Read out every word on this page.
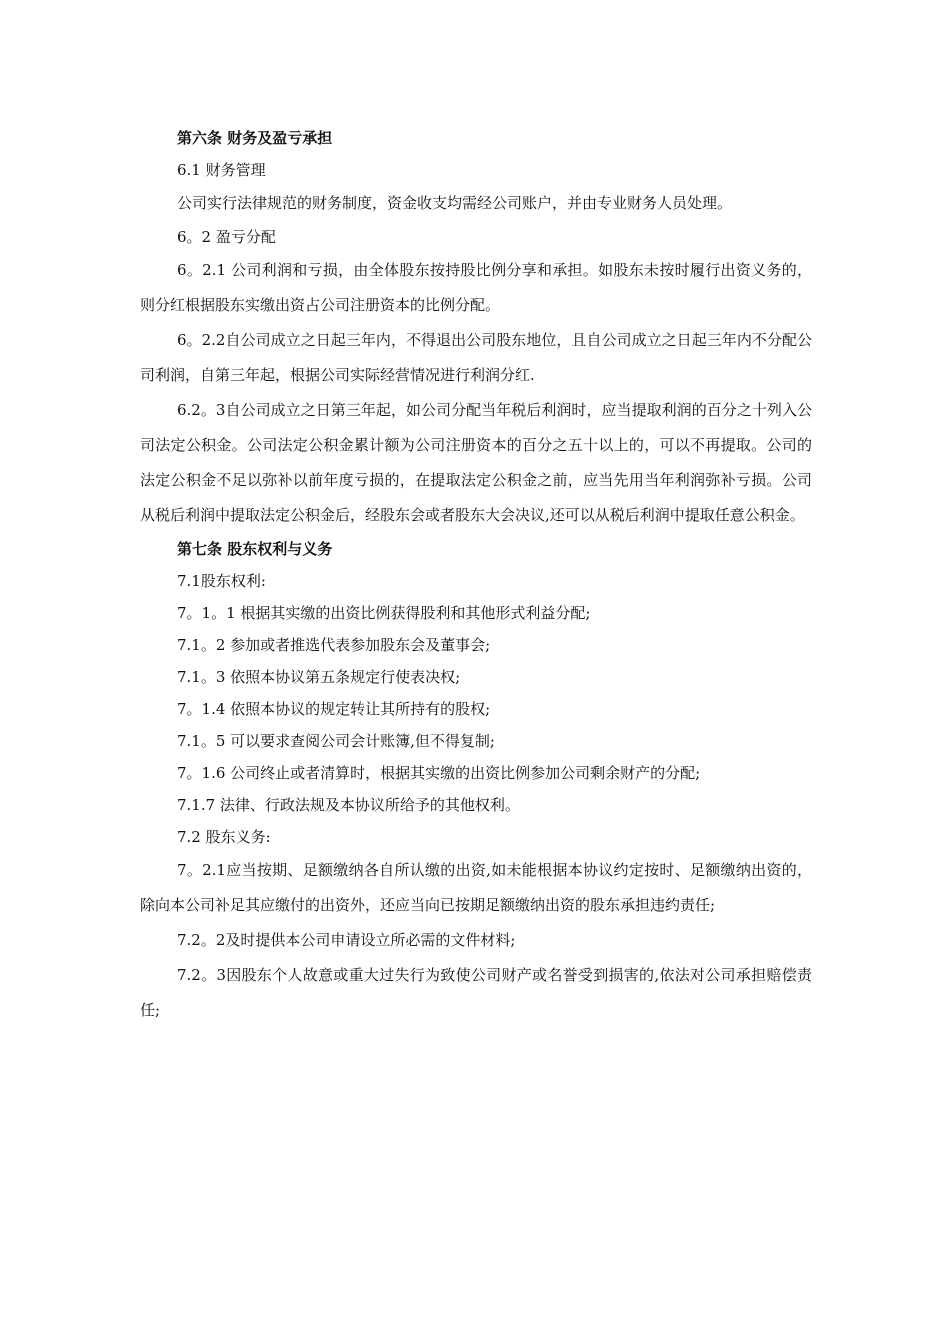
第六条 财务及盈亏承担

6.1 财务管理

公司实行法律规范的财务制度，资金收支均需经公司账户，并由专业财务人员处理。

6。2 盈亏分配

6。2.1 公司利润和亏损，由全体股东按持股比例分享和承担。如股东未按时履行出资义务的，则分红根据股东实缴出资占公司注册资本的比例分配。

6。2.2自公司成立之日起三年内，不得退出公司股东地位，且自公司成立之日起三年内不分配公司利润，自第三年起，根据公司实际经营情况进行利润分红.

6.2。3自公司成立之日第三年起，如公司分配当年税后利润时，应当提取利润的百分之十列入公司法定公积金。公司法定公积金累计额为公司注册资本的百分之五十以上的，可以不再提取。公司的法定公积金不足以弥补以前年度亏损的，在提取法定公积金之前，应当先用当年利润弥补亏损。公司从税后利润中提取法定公积金后，经股东会或者股东大会决议,还可以从税后利润中提取任意公积金。

第七条 股东权利与义务

7.1股东权利:

7。1。1 根据其实缴的出资比例获得股利和其他形式利益分配;

7.1。2 参加或者推选代表参加股东会及董事会;

7.1。3 依照本协议第五条规定行使表决权;

7。1.4 依照本协议的规定转让其所持有的股权;

7.1。5 可以要求查阅公司会计账簿,但不得复制;

7。1.6 公司终止或者清算时，根据其实缴的出资比例参加公司剩余财产的分配;

7.1.7 法律、行政法规及本协议所给予的其他权利。

7.2 股东义务:

7。2.1应当按期、足额缴纳各自所认缴的出资,如未能根据本协议约定按时、足额缴纳出资的，除向本公司补足其应缴付的出资外，还应当向已按期足额缴纳出资的股东承担违约责任;

7.2。2及时提供本公司申请设立所必需的文件材料;

7.2。3因股东个人故意或重大过失行为致使公司财产或名誉受到损害的,依法对公司承担赔偿责任;
